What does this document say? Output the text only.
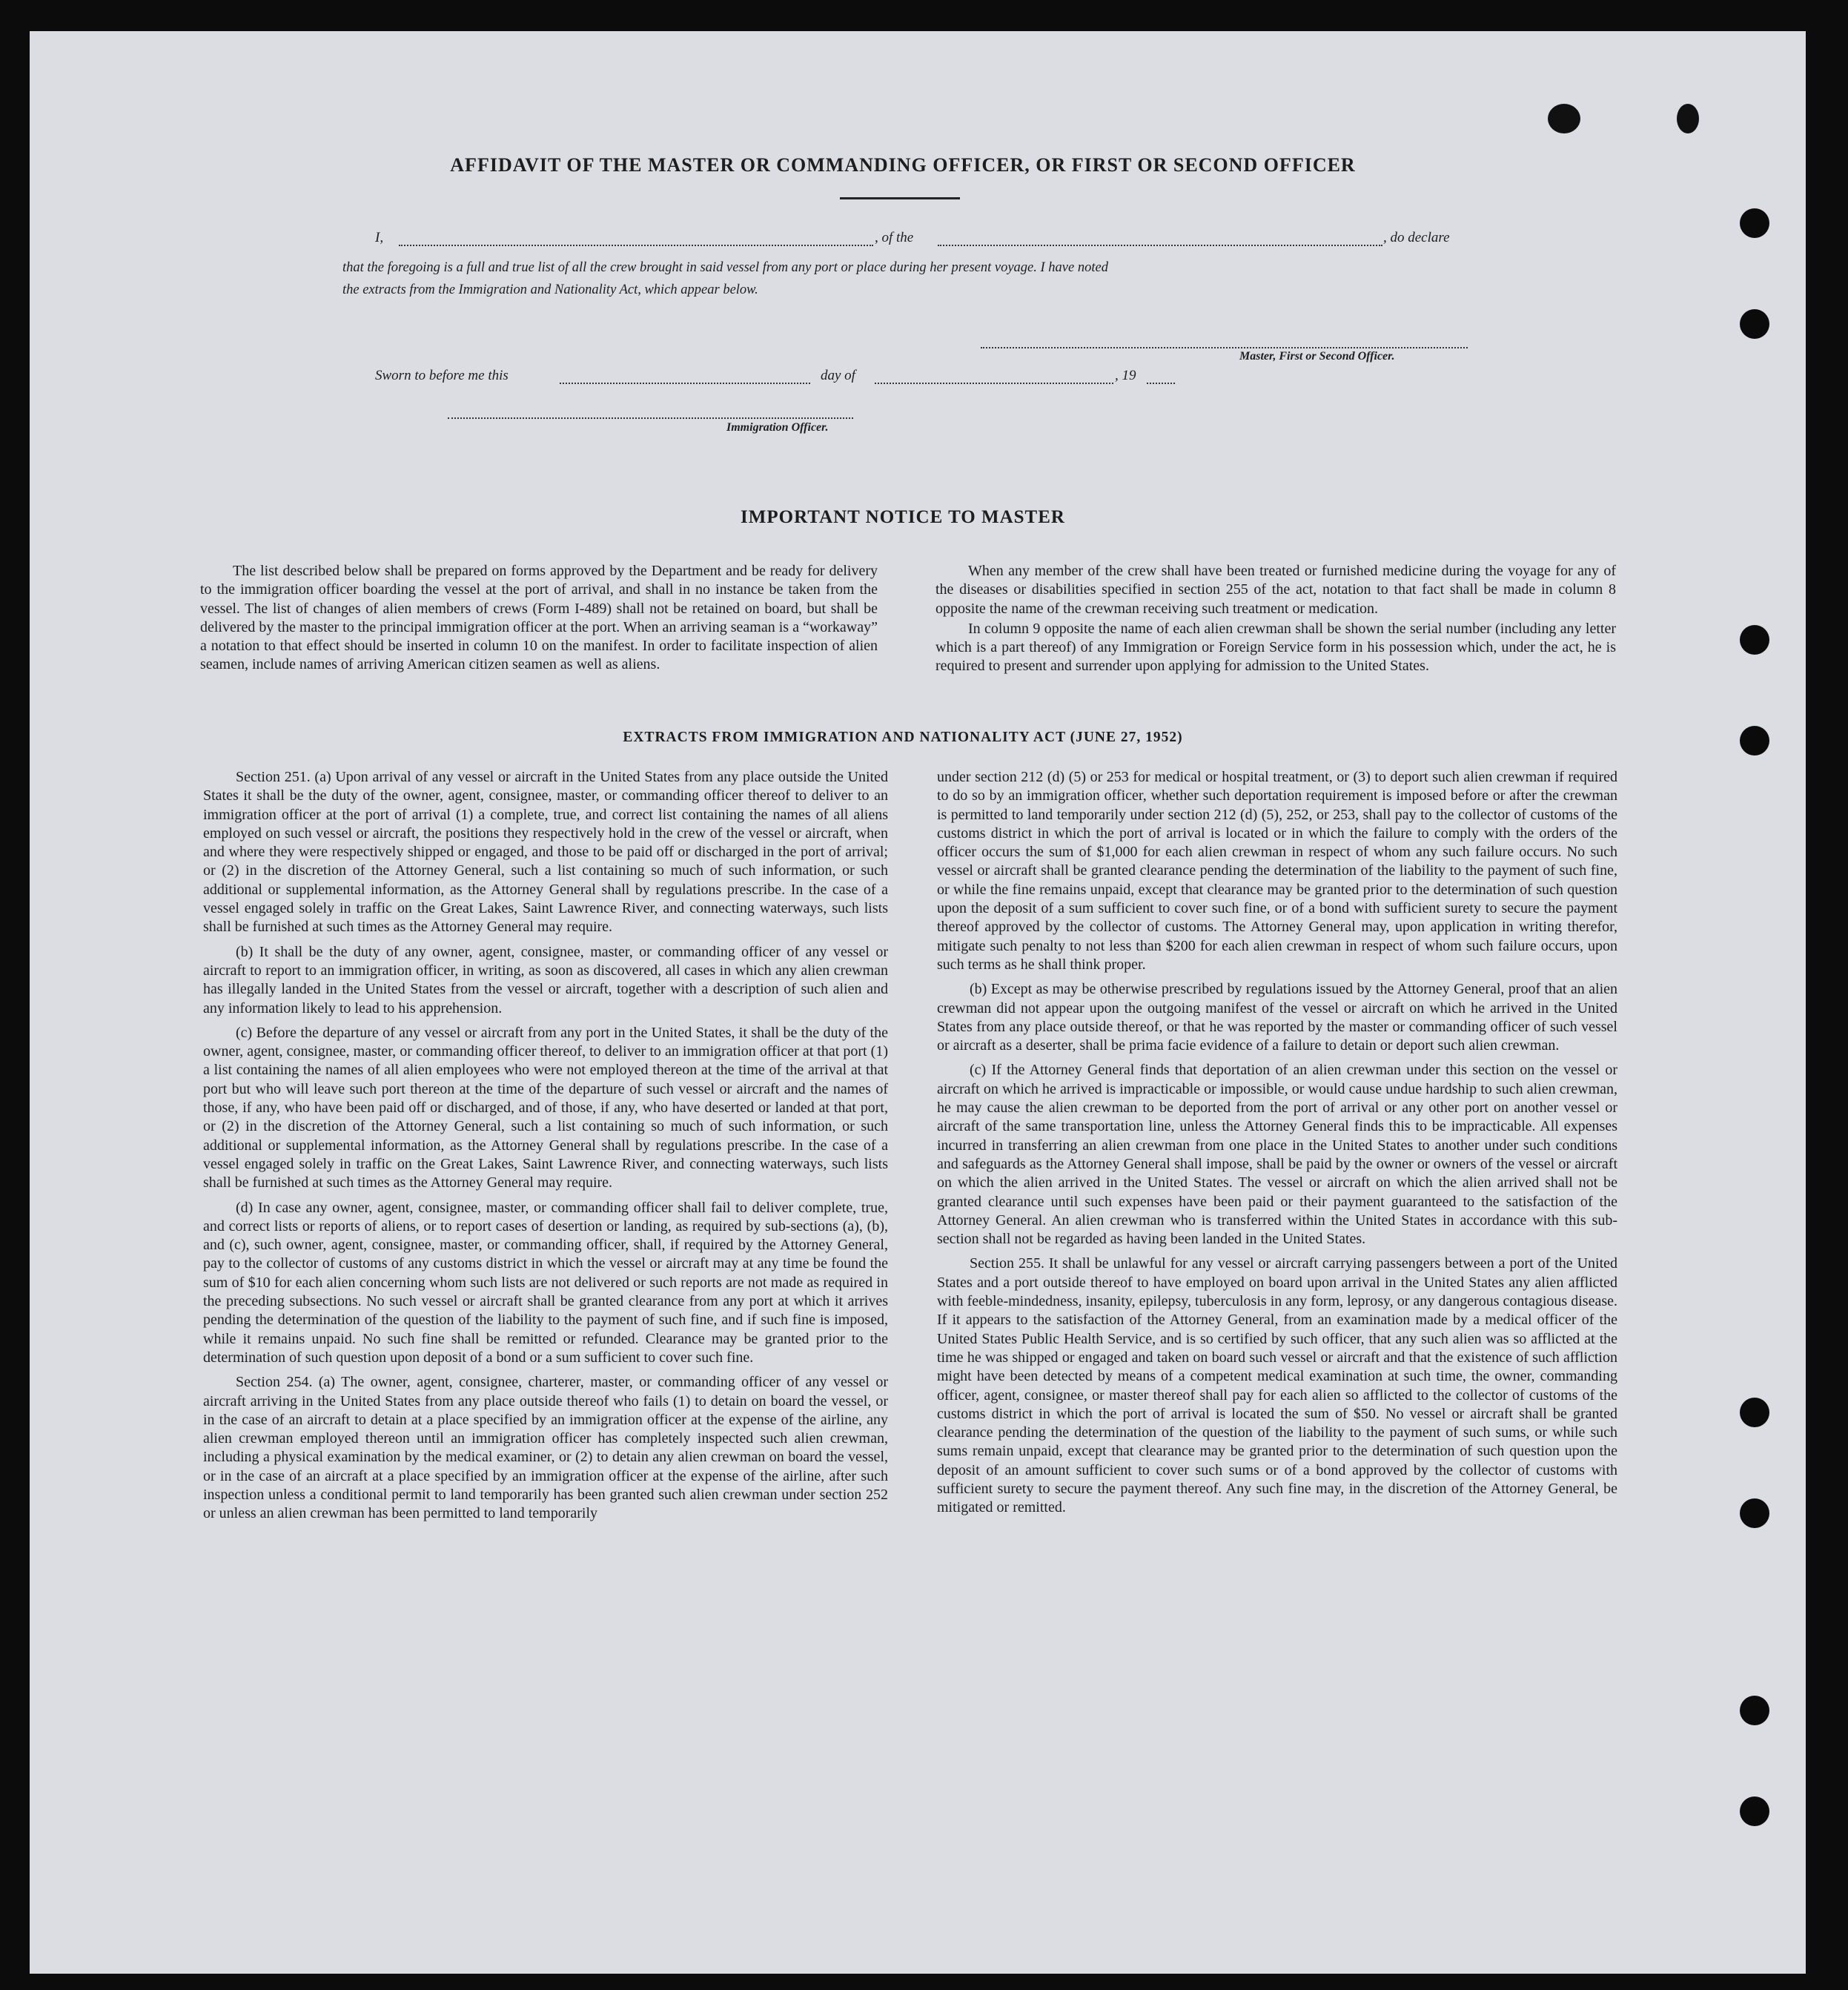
AFFIDAVIT OF THE MASTER OR COMMANDING OFFICER, OR FIRST OR SECOND OFFICER
I,	, of the	, do declare

that the foregoing is a full and true list of all the crew brought in said vessel from any port or place during her present voyage. I have noted

the extracts from the Immigration and Nationality Act, which appear below.

Master, First or Second Officer.
Sworn to before me this	day of	, 19
Immigration Officer.
IMPORTANT NOTICE TO MASTER

The list described below shall be prepared on forms approved by the Department and be ready for delivery to the immigration officer boarding the vessel at the port of arrival, and shall in no instance be taken from the vessel. The list of changes of alien members of crews (Form I-489) shall not be retained on board, but shall be delivered by the master to the principal immigration officer at the port. When an arriving seaman is a “workaway” a notation to that effect should be inserted in column 10 on the manifest. In order to facilitate inspection of alien seamen, include names of arriving American citizen seamen as well as aliens.

When any member of the crew shall have been treated or furnished medicine during the voyage for any of the diseases or disabilities specified in section 255 of the act, notation to that fact shall be made in column 8 opposite the name of the crewman receiving such treatment or medication.

In column 9 opposite the name of each alien crewman shall be shown the serial number (including any letter which is a part thereof) of any Immigration or Foreign Service form in his possession which, under the act, he is required to present and surrender upon applying for admission to the United States.

EXTRACTS FROM IMMIGRATION AND NATIONALITY ACT (JUNE 27, 1952)

Section 251. (a) Upon arrival of any vessel or aircraft in the United States from any place outside the United States it shall be the duty of the owner, agent, consignee, master, or commanding officer thereof to deliver to an immigration officer at the port of arrival (1) a complete, true, and correct list containing the names of all aliens employed on such vessel or aircraft, the positions they respectively hold in the crew of the vessel or aircraft, when and where they were respectively shipped or engaged, and those to be paid off or discharged in the port of arrival; or (2) in the discretion of the Attorney General, such a list containing so much of such information, or such additional or supplemental information, as the Attorney General shall by regulations prescribe. In the case of a vessel engaged solely in traffic on the Great Lakes, Saint Lawrence River, and connecting waterways, such lists shall be furnished at such times as the Attorney General may require.

(b) It shall be the duty of any owner, agent, consignee, master, or commanding officer of any vessel or aircraft to report to an immigration officer, in writing, as soon as discovered, all cases in which any alien crewman has illegally landed in the United States from the vessel or aircraft, together with a description of such alien and any information likely to lead to his apprehension.

(c) Before the departure of any vessel or aircraft from any port in the United States, it shall be the duty of the owner, agent, consignee, master, or commanding officer thereof, to deliver to an immigration officer at that port (1) a list containing the names of all alien employees who were not employed thereon at the time of the arrival at that port but who will leave such port thereon at the time of the departure of such vessel or aircraft and the names of those, if any, who have been paid off or discharged, and of those, if any, who have deserted or landed at that port, or (2) in the discretion of the Attorney General, such a list containing so much of such information, or such additional or supplemental information, as the Attorney General shall by regulations prescribe. In the case of a vessel engaged solely in traffic on the Great Lakes, Saint Lawrence River, and connecting waterways, such lists shall be furnished at such times as the Attorney General may require.

(d) In case any owner, agent, consignee, master, or commanding officer shall fail to deliver complete, true, and correct lists or reports of aliens, or to report cases of desertion or landing, as required by sub-sections (a), (b), and (c), such owner, agent, consignee, master, or commanding officer, shall, if required by the Attorney General, pay to the collector of customs of any customs district in which the vessel or aircraft may at any time be found the sum of $10 for each alien concerning whom such lists are not delivered or such reports are not made as required in the preceding subsections. No such vessel or aircraft shall be granted clearance from any port at which it arrives pending the determination of the question of the liability to the payment of such fine, and if such fine is imposed, while it remains unpaid. No such fine shall be remitted or refunded. Clearance may be granted prior to the determination of such question upon deposit of a bond or a sum sufficient to cover such fine.

Section 254. (a) The owner, agent, consignee, charterer, master, or commanding officer of any vessel or aircraft arriving in the United States from any place outside thereof who fails (1) to detain on board the vessel, or in the case of an aircraft to detain at a place specified by an immigration officer at the expense of the airline, any alien crewman employed thereon until an immigration officer has completely inspected such alien crewman, including a physical examination by the medical examiner, or (2) to detain any alien crewman on board the vessel, or in the case of an aircraft at a place specified by an immigration officer at the expense of the airline, after such inspection unless a conditional permit to land temporarily has been granted such alien crewman under section 252 or unless an alien crewman has been permitted to land temporarily

under section 212 (d) (5) or 253 for medical or hospital treatment, or (3) to deport such alien crewman if required to do so by an immigration officer, whether such deportation requirement is imposed before or after the crewman is permitted to land temporarily under section 212 (d) (5), 252, or 253, shall pay to the collector of customs of the customs district in which the port of arrival is located or in which the failure to comply with the orders of the officer occurs the sum of $1,000 for each alien crewman in respect of whom any such failure occurs. No such vessel or aircraft shall be granted clearance pending the determination of the liability to the payment of such fine, or while the fine remains unpaid, except that clearance may be granted prior to the determination of such question upon the deposit of a sum sufficient to cover such fine, or of a bond with sufficient surety to secure the payment thereof approved by the collector of customs. The Attorney General may, upon application in writing therefor, mitigate such penalty to not less than $200 for each alien crewman in respect of whom such failure occurs, upon such terms as he shall think proper.

(b) Except as may be otherwise prescribed by regulations issued by the Attorney General, proof that an alien crewman did not appear upon the outgoing manifest of the vessel or aircraft on which he arrived in the United States from any place outside thereof, or that he was reported by the master or commanding officer of such vessel or aircraft as a deserter, shall be prima facie evidence of a failure to detain or deport such alien crewman.

(c) If the Attorney General finds that deportation of an alien crewman under this section on the vessel or aircraft on which he arrived is impracticable or impossible, or would cause undue hardship to such alien crewman, he may cause the alien crewman to be deported from the port of arrival or any other port on another vessel or aircraft of the same transportation line, unless the Attorney General finds this to be impracticable. All expenses incurred in transferring an alien crewman from one place in the United States to another under such conditions and safeguards as the Attorney General shall impose, shall be paid by the owner or owners of the vessel or aircraft on which the alien arrived in the United States. The vessel or aircraft on which the alien arrived shall not be granted clearance until such expenses have been paid or their payment guaranteed to the satisfaction of the Attorney General. An alien crewman who is transferred within the United States in accordance with this sub-section shall not be regarded as having been landed in the United States.

Section 255. It shall be unlawful for any vessel or aircraft carrying passengers between a port of the United States and a port outside thereof to have employed on board upon arrival in the United States any alien afflicted with feeble-mindedness, insanity, epilepsy, tuberculosis in any form, leprosy, or any dangerous contagious disease. If it appears to the satisfaction of the Attorney General, from an examination made by a medical officer of the United States Public Health Service, and is so certified by such officer, that any such alien was so afflicted at the time he was shipped or engaged and taken on board such vessel or aircraft and that the existence of such affliction might have been detected by means of a competent medical examination at such time, the owner, commanding officer, agent, consignee, or master thereof shall pay for each alien so afflicted to the collector of customs of the customs district in which the port of arrival is located the sum of $50. No vessel or aircraft shall be granted clearance pending the determination of the question of the liability to the payment of such sums, or while such sums remain unpaid, except that clearance may be granted prior to the determination of such question upon the deposit of an amount sufficient to cover such sums or of a bond approved by the collector of customs with sufficient surety to secure the payment thereof. Any such fine may, in the discretion of the Attorney General, be mitigated or remitted.
